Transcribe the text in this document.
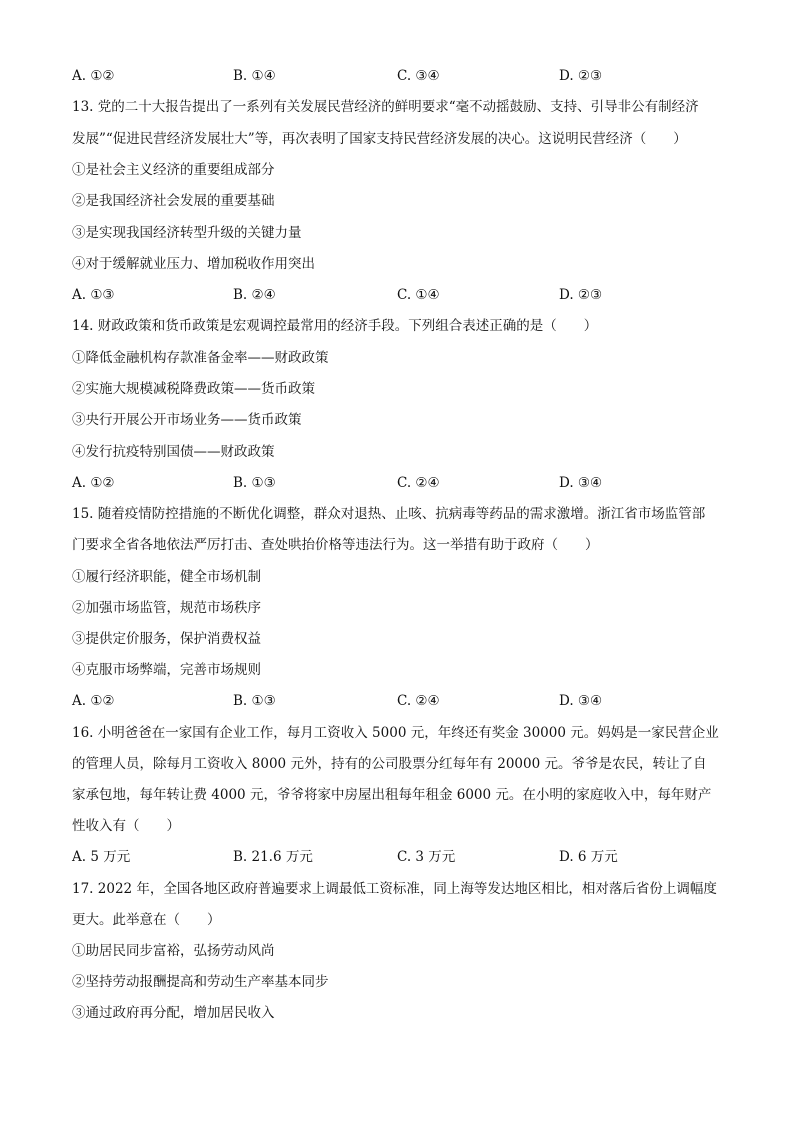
A. ①②	B. ①④	C. ③④	D. ②③
13. 党的二十大报告提出了一系列有关发展民营经济的鲜明要求“毫不动摇鼓励、支持、引导非公有制经济
发展”“促进民营经济发展壮大”等，再次表明了国家支持民营经济发展的决心。这说明民营经济（　　）
①是社会主义经济的重要组成部分
②是我国经济社会发展的重要基础
③是实现我国经济转型升级的关键力量
④对于缓解就业压力、增加税收作用突出
A. ①③	B. ②④	C. ①④	D. ②③
14. 财政政策和货币政策是宏观调控最常用的经济手段。下列组合表述正确的是（　　）
①降低金融机构存款准备金率——财政政策
②实施大规模减税降费政策——货币政策
③央行开展公开市场业务——货币政策
④发行抗疫特别国债——财政政策
A. ①②	B. ①③	C. ②④	D. ③④
15. 随着疫情防控措施的不断优化调整，群众对退热、止咳、抗病毒等药品的需求激增。浙江省市场监管部
门要求全省各地依法严厉打击、查处哄抬价格等违法行为。这一举措有助于政府（　　）
①履行经济职能，健全市场机制
②加强市场监管，规范市场秩序
③提供定价服务，保护消费权益
④克服市场弊端，完善市场规则
A. ①②	B. ①③	C. ②④	D. ③④
16. 小明爸爸在一家国有企业工作，每月工资收入 5000 元，年终还有奖金 30000 元。妈妈是一家民营企业
的管理人员，除每月工资收入 8000 元外，持有的公司股票分红每年有 20000 元。爷爷是农民，转让了自
家承包地，每年转让费 4000 元，爷爷将家中房屋出租每年租金 6000 元。在小明的家庭收入中，每年财产
性收入有（　　）
A. 5 万元	B. 21.6 万元	C. 3 万元	D. 6 万元
17. 2022 年，全国各地区政府普遍要求上调最低工资标准，同上海等发达地区相比，相对落后省份上调幅度
更大。此举意在（　　）
①助居民同步富裕，弘扬劳动风尚
②坚持劳动报酬提高和劳动生产率基本同步
③通过政府再分配，增加居民收入
